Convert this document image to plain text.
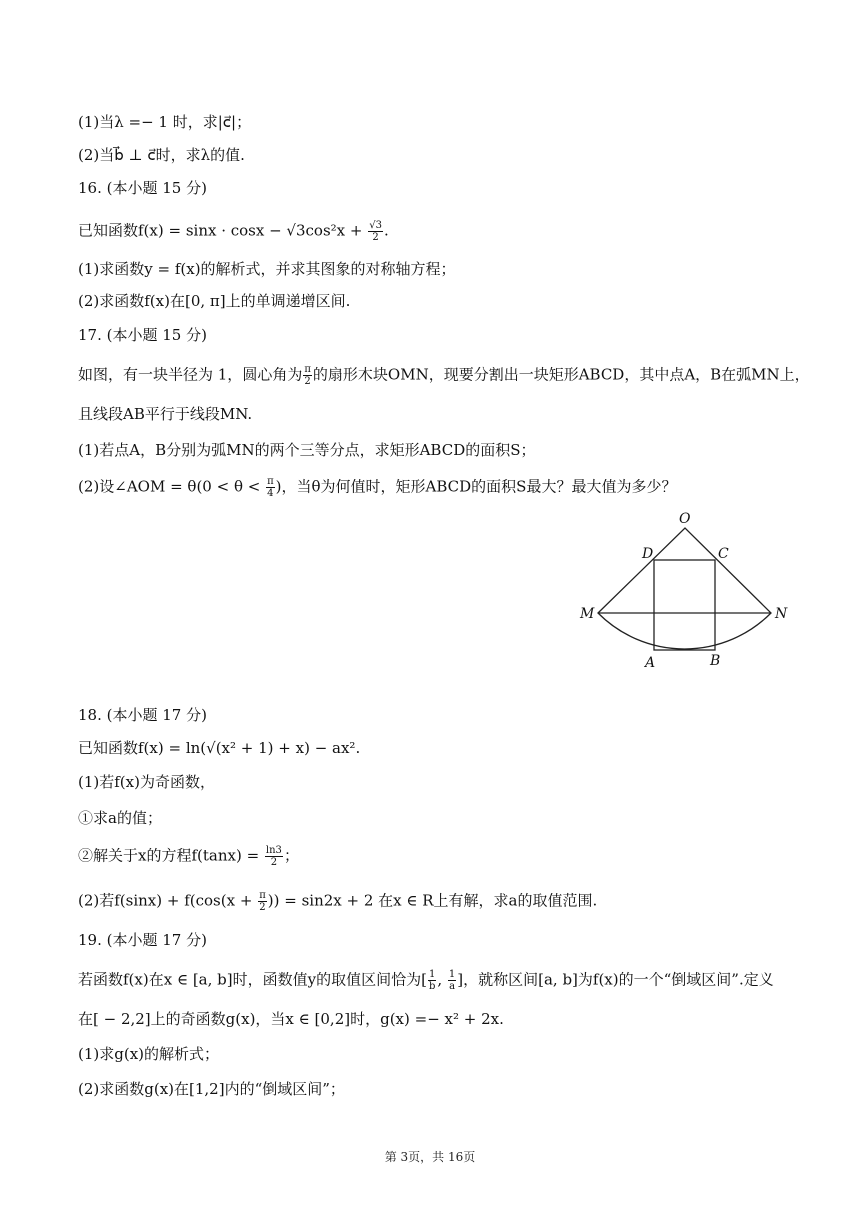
(1)当λ =− 1 时，求|c⃗|；
(2)当b⃗ ⊥ c⃗时，求λ的值.
16. (本小题 15 分)
已知函数$f(x) = \sin x \cdot \cos x - √3\cos^2x + \frac{√3}{2}$ .
(1)求函数y = f(x)的解析式，并求其图象的对称轴方程；
(2)求函数f(x)在[0, π]上的单调递增区间.
17. (本小题 15 分)
如图，有一块半径为 1，圆心角为 $\frac{\pi}{2}$ 的扇形木块OMN，现要分割出一块矩形ABCD，其中点A，B在弧MN上，
且线段AB平行于线段MN.
(1)若点A，B分别为弧MN的两个三等分点，求矩形ABCD的面积S；
(2)设∠AOM = $\theta(0 < \theta < \frac{\pi}{4}$ )，当θ为何值时，矩形ABCD的面积S最大？最大值为多少？
O
D	C
M	N
A	B
18. (本小题 17 分)
已知函数f(x) = ln(√(x² + 1) + x) − ax².
(1)若f(x)为奇函数，
①求a的值；
②解关于x的方程$f(\tan x) = \frac{\ln 3}{2}$ ；
(2)若$f(\sin x) + f(\cos(x + \frac{\pi}{2}$ )) = sin2x + 2 在x ∈ R上有解，求a的取值范围.
19. (本小题 17 分)
若函数f(x)在x ∈ [a, b]时，函数值y的取值区间恰为[ $\frac{1}{b}$ , $\frac{1}{a}$ ]，就称区间[a, b]为f(x)的一个“倒域区间”.定义
在[ − 2,2]上的奇函数g(x)，当x ∈ [0,2]时，g(x) =− x² + 2x.
(1)求g(x)的解析式；
(2)求函数g(x)在[1,2]内的“倒域区间”；
第 3页，共 16页
